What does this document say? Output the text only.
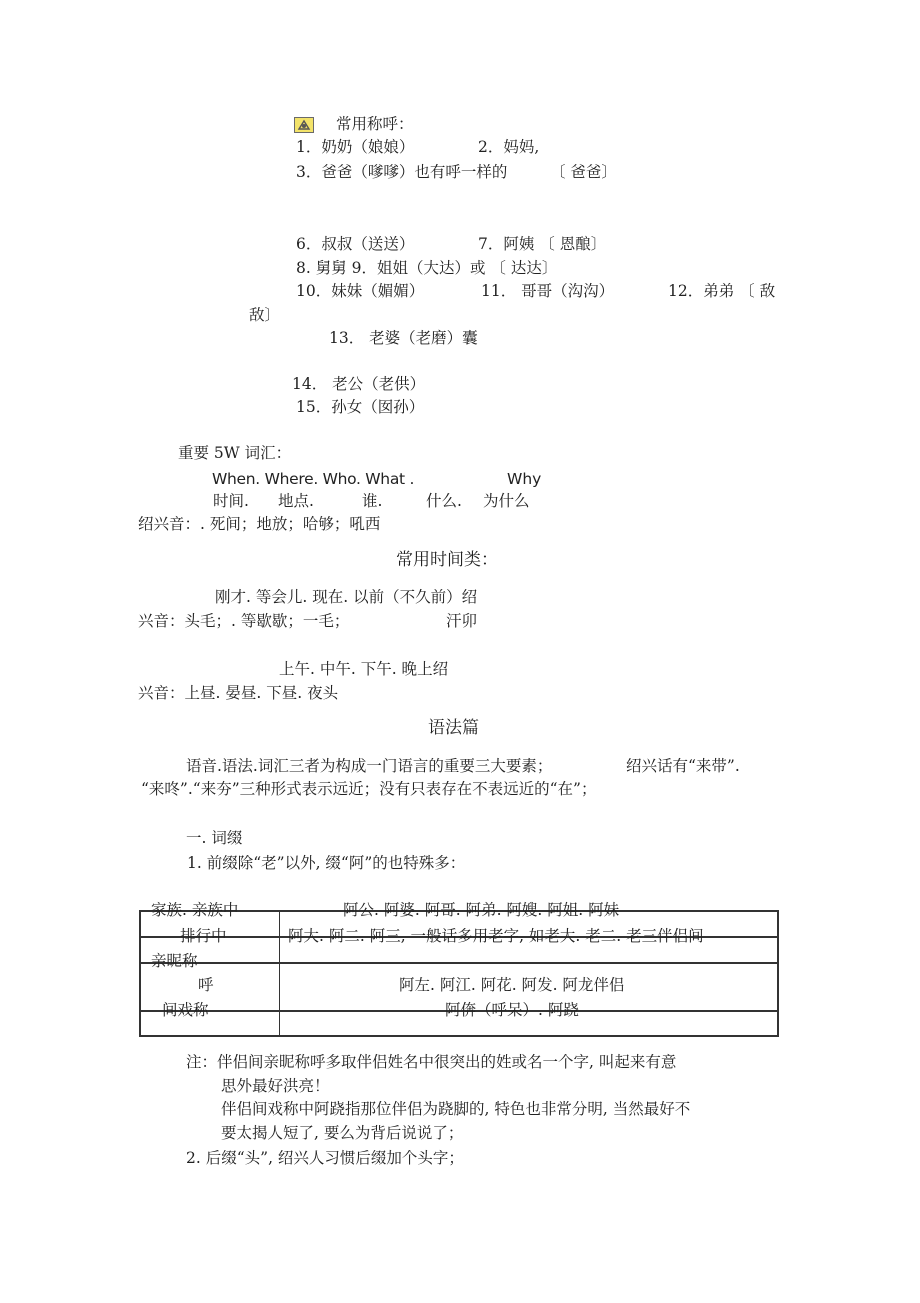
常用称呼：
1．奶奶（娘娘）	2．妈妈,
3．爸爸（嗲嗲）也有呼一样的	〔 爸爸〕
6．叔叔（送送）	7．阿姨 〔 恩酿〕
8. 舅舅 9．姐姐（大达）或 〔 达达〕
10．妹妹（媚媚）	11． 哥哥（沟沟）	12．弟弟 〔 敌
敌〕
13． 老婆（老磨）囊
14． 老公（老供）
15．孙女（囡孙）
重要 5W 词汇：
When. Where. Who. What .	Why
时间. 地点.	谁.	什么. 为什么
绍兴音：. 死间；地放；哈够；吼西
常用时间类：
刚才. 等会儿. 现在. 以前（不久前）绍
兴音：头毛；. 等歇歇；一毛；	汗卯
上午. 中午. 下午. 晚上绍
兴音：上昼. 晏昼. 下昼. 夜头
语法篇
语音.语法.词汇三者为构成一门语言的重要三大要素；	绍兴话有“来带”.
“来咚”.“来夯”三种形式表示远近；没有只表存在不表远近的“在”；
一. 词缀
1. 前缀除“老”以外, 缀“阿”的也特殊多：
家族. 亲族中	阿公. 阿婆. 阿哥. 阿弟. 阿嫂. 阿姐. 阿妹
排行中	阿大. 阿二. 阿三, 一般话多用老字, 如老大. 老二. 老三伴侣间
亲昵称
呼	阿左. 阿江. 阿花. 阿发. 阿龙伴侣
间戏称	阿倴（呼呆）. 阿跷
注：伴侣间亲昵称呼多取伴侣姓名中很突出的姓或名一个字, 叫起来有意
思外最好洪亮！
伴侣间戏称中阿跷指那位伴侣为跷脚的, 特色也非常分明, 当然最好不
要太揭人短了, 要么为背后说说了；
2. 后缀“头”, 绍兴人习惯后缀加个头字；
